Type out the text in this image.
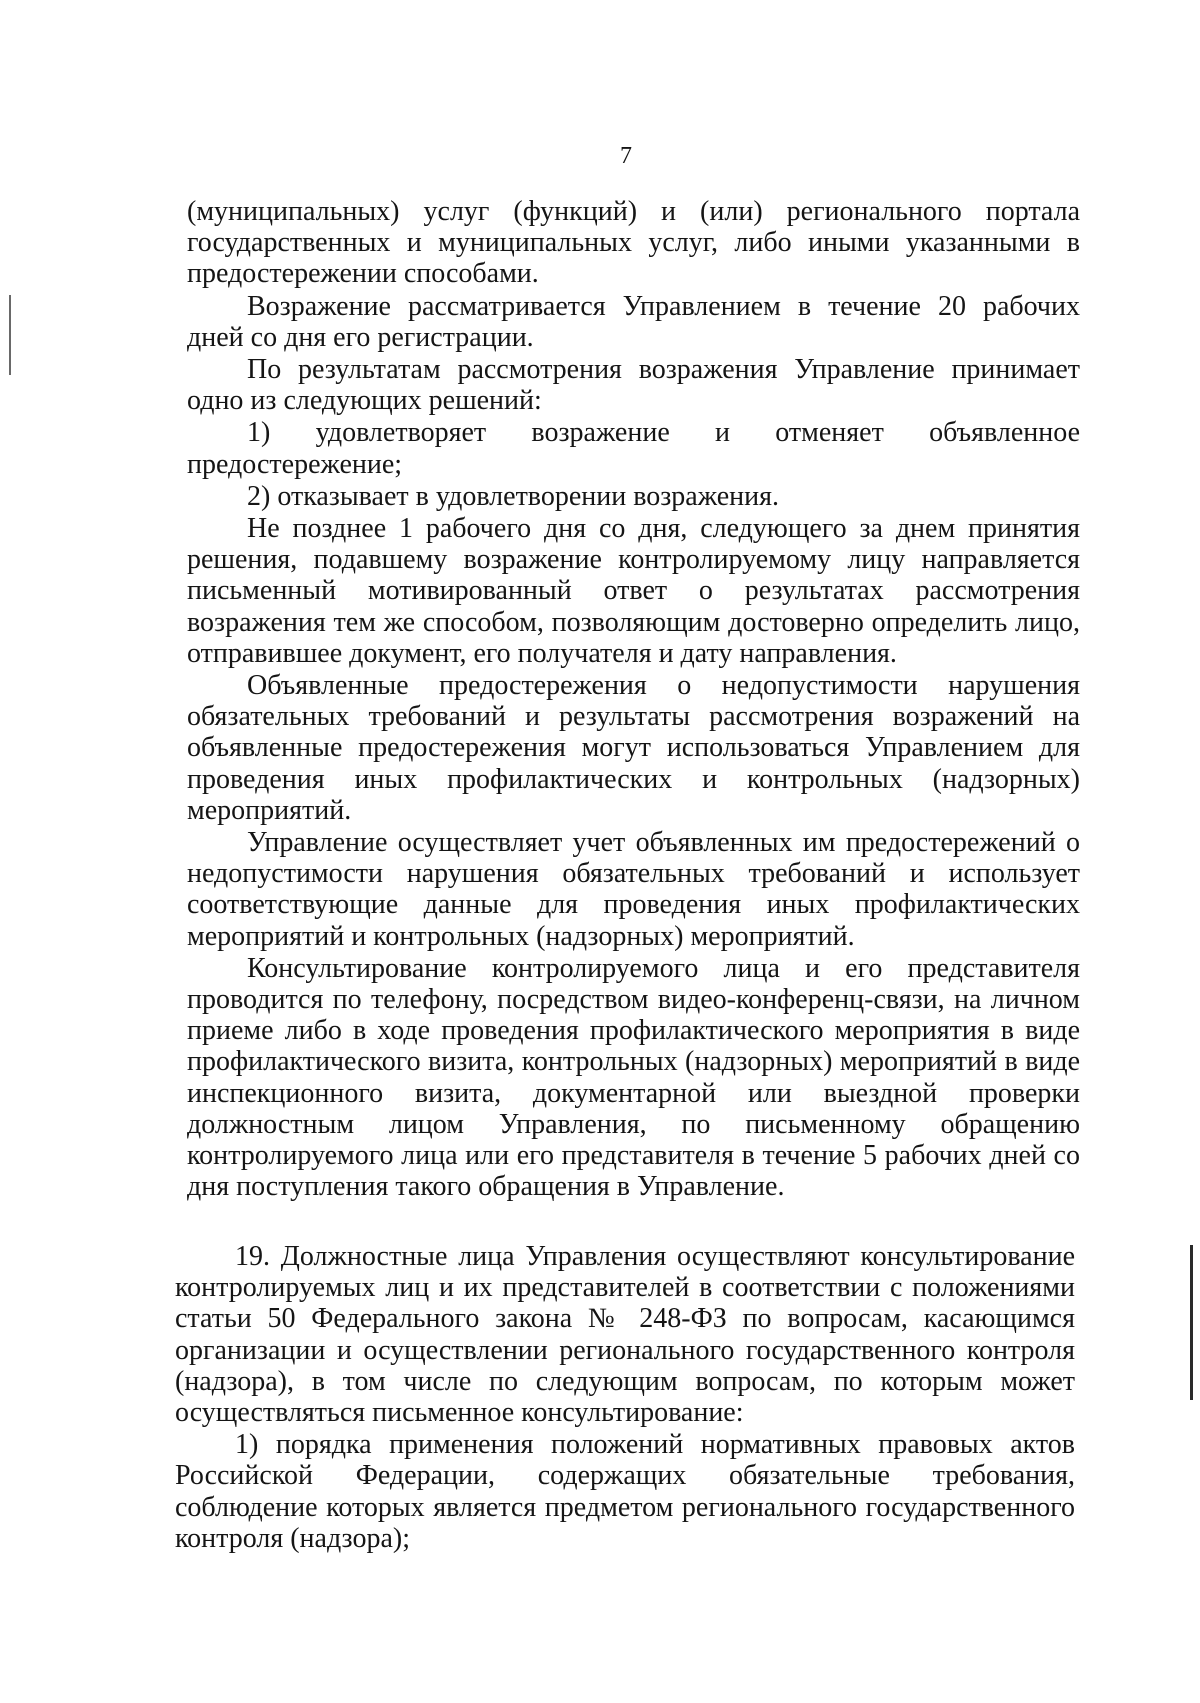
7

(муниципальных) услуг (функций) и (или) регионального портала государственных и муниципальных услуг, либо иными указанными в предостережении способами.

Возражение рассматривается Управлением в течение 20 рабочих дней со дня его регистрации.

По результатам рассмотрения возражения Управление принимает одно из следующих решений:

1) удовлетворяет возражение и отменяет объявленное предостережение;

2) отказывает в удовлетворении возражения.

Не позднее 1 рабочего дня со дня, следующего за днем принятия решения, подавшему возражение контролируемому лицу направляется письменный мотивированный ответ о результатах рассмотрения возражения тем же способом, позволяющим достоверно определить лицо, отправившее документ, его получателя и дату направления.

Объявленные предостережения о недопустимости нарушения обязательных требований и результаты рассмотрения возражений на объявленные предостережения могут использоваться Управлением для проведения иных профилактических и контрольных (надзорных) мероприятий.

Управление осуществляет учет объявленных им предостережений о недопустимости нарушения обязательных требований и использует соответствующие данные для проведения иных профилактических мероприятий и контрольных (надзорных) мероприятий.

Консультирование контролируемого лица и его представителя проводится по телефону, посредством видео-конференц-связи, на личном приеме либо в ходе проведения профилактического мероприятия в виде профилактического визита, контрольных (надзорных) мероприятий в виде инспекционного визита, документарной или выездной проверки должностным лицом Управления, по письменному обращению контролируемого лица или его представителя в течение 5 рабочих дней со дня поступления такого обращения в Управление.

19. Должностные лица Управления осуществляют консультирование контролируемых лиц и их представителей в соответствии с положениями статьи 50 Федерального закона № 248-ФЗ по вопросам, касающимся организации и осуществлении регионального государственного контроля (надзора), в том числе по следующим вопросам, по которым может осуществляться письменное консультирование:

1) порядка применения положений нормативных правовых актов Российской Федерации, содержащих обязательные требования, соблюдение которых является предметом регионального государственного контроля (надзора);
